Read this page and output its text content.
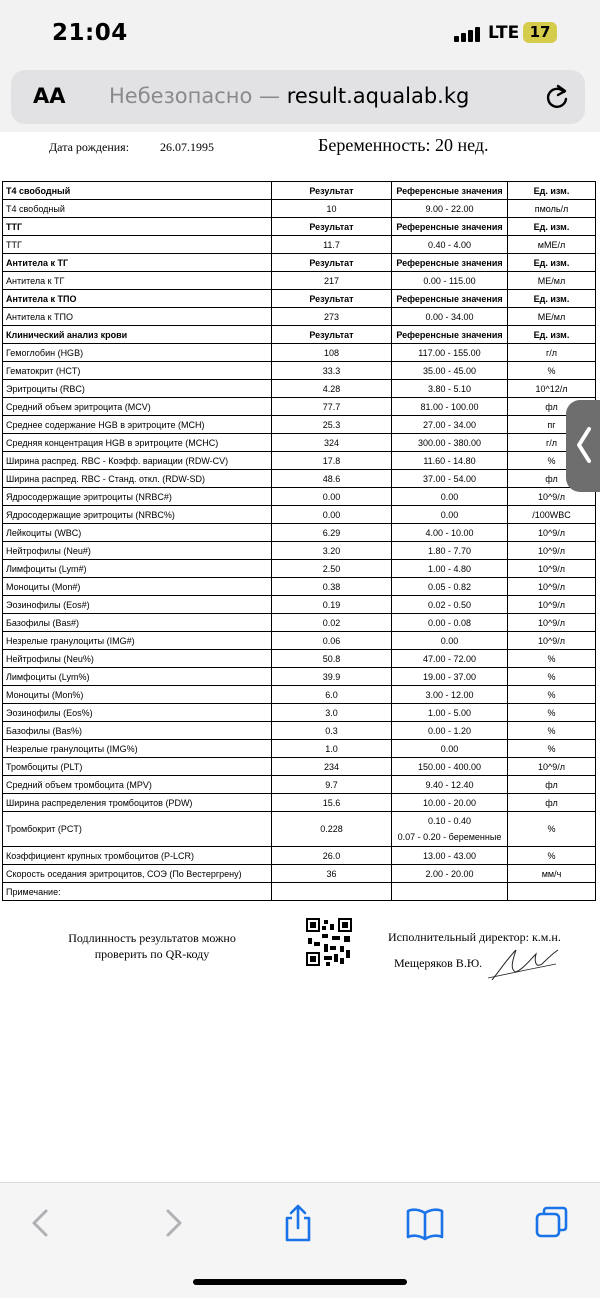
21:04	LTE 17
AA Небезопасно — result.aqualab.kg
Дата рождения:	26.07.1995	Беременность: 20 нед.
Т4 свободный	Результат	Референсные значения	Ед. изм.
Т4 свободный	10	9.00 - 22.00	пмоль/л
ТТГ	Результат	Референсные значения	Ед. изм.
ТТГ	11.7	0.40 - 4.00	мМЕ/л
Антитела к ТГ	Результат	Референсные значения	Ед. изм.
Антитела к ТГ	217	0.00 - 115.00	МЕ/мл
Антитела к ТПО	Результат	Референсные значения	Ед. изм.
Антитела к ТПО	273	0.00 - 34.00	МЕ/мл
Клинический анализ крови	Результат	Референсные значения	Ед. изм.
Гемоглобин (HGB)	108	117.00 - 155.00	г/л
Гематокрит (HCT)	33.3	35.00 - 45.00	%
Эритроциты (RBC)	4.28	3.80 - 5.10	10^12/л
Средний объем эритроцита (MCV)	77.7	81.00 - 100.00	фл
Среднее содержание HGB в эритроците (MCH)	25.3	27.00 - 34.00	пг
Средняя концентрация HGB в эритроците (MCHC)	324	300.00 - 380.00	г/л
Ширина распред. RBC - Коэфф. вариации (RDW-CV)	17.8	11.60 - 14.80	%
Ширина распред. RBC - Станд. откл. (RDW-SD)	48.6	37.00 - 54.00	фл
Ядросодержащие эритроциты (NRBC#)	0.00	0.00	10^9/л
Ядросодержащие эритроциты (NRBC%)	0.00	0.00	/100WBC
Лейкоциты (WBC)	6.29	4.00 - 10.00	10^9/л
Нейтрофилы (Neu#)	3.20	1.80 - 7.70	10^9/л
Лимфоциты (Lym#)	2.50	1.00 - 4.80	10^9/л
Моноциты (Mon#)	0.38	0.05 - 0.82	10^9/л
Эозинофилы (Eos#)	0.19	0.02 - 0.50	10^9/л
Базофилы (Bas#)	0.02	0.00 - 0.08	10^9/л
Незрелые гранулоциты (IMG#)	0.06	0.00	10^9/л
Нейтрофилы (Neu%)	50.8	47.00 - 72.00	%
Лимфоциты (Lym%)	39.9	19.00 - 37.00	%
Моноциты (Mon%)	6.0	3.00 - 12.00	%
Эозинофилы (Eos%)	3.0	1.00 - 5.00	%
Базофилы (Bas%)	0.3	0.00 - 1.20	%
Незрелые гранулоциты (IMG%)	1.0	0.00	%
Тромбоциты (PLT)	234	150.00 - 400.00	10^9/л
Средний объем тромбоцита (MPV)	9.7	9.40 - 12.40	фл
Ширина распределения тромбоцитов (PDW)	15.6	10.00 - 20.00	фл
Тромбокрит (PCT)	0.228	0.10 - 0.40
0.07 - 0.20 - беременные	%
Коэффициент крупных тромбоцитов (P-LCR)	26.0	13.00 - 43.00	%
Скорость оседания эритроцитов, СОЭ (По Вестергрену)	36	2.00 - 20.00	мм/ч
Примечание:			
Подлинность результатов можно проверить по QR-коду
Исполнительный директор: к.м.н.
Мещеряков В.Ю.
